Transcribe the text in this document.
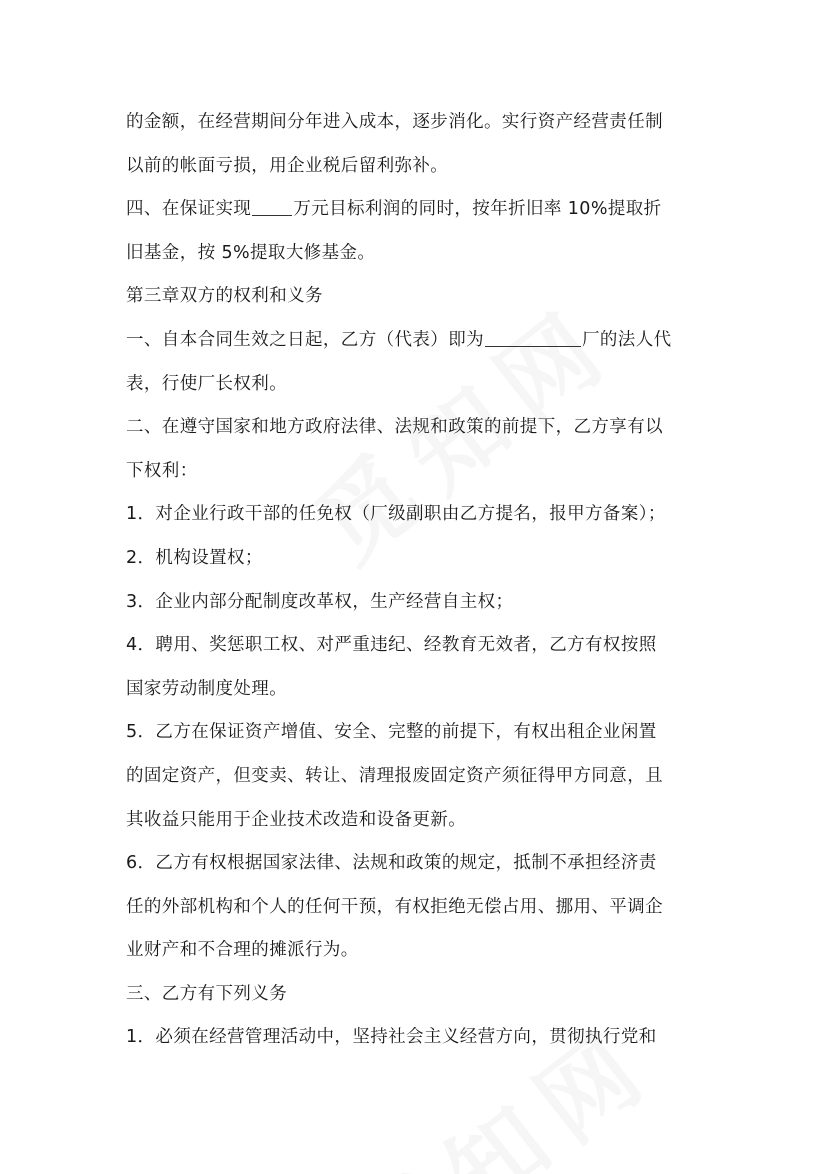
的金额，在经营期间分年进入成本，逐步消化。实行资产经营责任制
以前的帐面亏损，用企业税后留利弥补。
四、在保证实现 万元目标利润的同时，按年折旧率 10%提取折
旧基金，按 5%提取大修基金。
第三章双方的权利和义务
一、自本合同生效之日起，乙方（代表）即为	厂的法人代
表，行使厂长权利。
二、在遵守国家和地方政府法律、法规和政策的前提下，乙方享有以
下权利：
1．对企业行政干部的任免权（厂级副职由乙方提名，报甲方备案）；
2．机构设置权；
3．企业内部分配制度改革权，生产经营自主权；
4．聘用、奖惩职工权、对严重违纪、经教育无效者，乙方有权按照
国家劳动制度处理。
5．乙方在保证资产增值、安全、完整的前提下，有权出租企业闲置
的固定资产，但变卖、转让、清理报废固定资产须征得甲方同意，且
其收益只能用于企业技术改造和设备更新。
6．乙方有权根据国家法律、法规和政策的规定，抵制不承担经济责
任的外部机构和个人的任何干预，有权拒绝无偿占用、挪用、平调企
业财产和不合理的摊派行为。
三、乙方有下列义务
1．必须在经营管理活动中，坚持社会主义经营方向，贯彻执行党和
